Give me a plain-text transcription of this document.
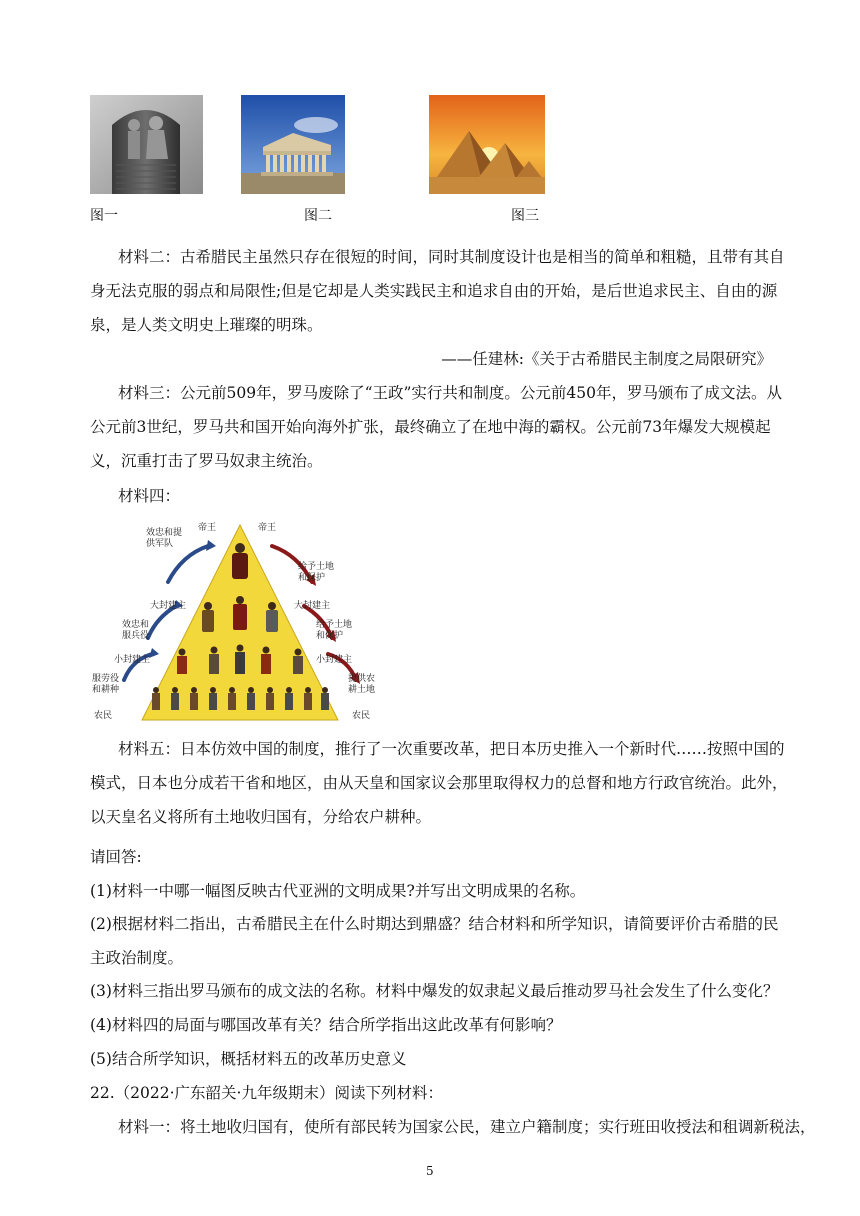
图一	图二	图三

材料二：古希腊民主虽然只存在很短的时间，同时其制度设计也是相当的简单和粗糙，且带有其自身无法克服的弱点和局限性;但是它却是人类实践民主和追求自由的开始，是后世追求民主、自由的源泉，是人类文明史上璀璨的明珠。

——任建林:《关于古希腊民主制度之局限研究》

材料三：公元前509年，罗马废除了“王政”实行共和制度。公元前450年，罗马颁布了成文法。从公元前3世纪，罗马共和国开始向海外扩张，最终确立了在地中海的霸权。公元前73年爆发大规模起义，沉重打击了罗马奴隶主统治。

材料四：
帝王	帝王
效忠和提供军队
给予土地和保护
大封建主	大封建主
效忠和服兵役
给予土地和保护
小封建主	小封建主
服劳役和耕种
提供农耕土地
农民	农民

材料五：日本仿效中国的制度，推行了一次重要改革，把日本历史推入一个新时代……按照中国的模式，日本也分成若干省和地区，由从天皇和国家议会那里取得权力的总督和地方行政官统治。此外，以天皇名义将所有土地收归国有，分给农户耕种。

请回答:

(1)材料一中哪一幅图反映古代亚洲的文明成果?并写出文明成果的名称。

(2)根据材料二指出，古希腊民主在什么时期达到鼎盛？结合材料和所学知识，请简要评价古希腊的民主政治制度。

(3)材料三指出罗马颁布的成文法的名称。材料中爆发的奴隶起义最后推动罗马社会发生了什么变化？

(4)材料四的局面与哪国改革有关？结合所学指出这此改革有何影响？

(5)结合所学知识，概括材料五的改革历史意义

22.（2022·广东韶关·九年级期末）阅读下列材料：

材料一：将土地收归国有，使所有部民转为国家公民，建立户籍制度；实行班田收授法和租调新税法，

5
